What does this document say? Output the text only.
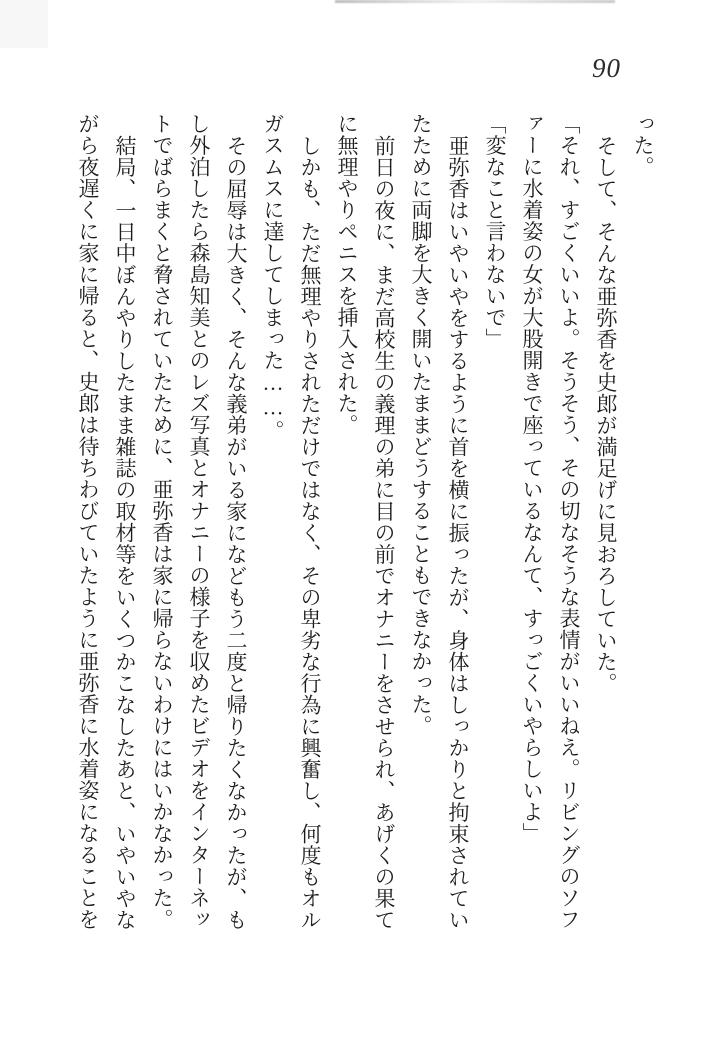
90
った。
そして、そんな亜弥香を史郎が満足げに見おろしていた。
「それ、すごくいいよ。そうそう、その切なそうな表情がいいねえ。リビングのソフ
ァーに水着姿の女が大股開きで座っているなんて、すっごくいやらしいよ」
「変なこと言わないで」
亜弥香はいやいやをするように首を横に振ったが、身体はしっかりと拘束されてい
たために両脚を大きく開いたままどうすることもできなかった。
前日の夜に、まだ高校生の義理の弟に目の前でオナニーをさせられ、あげくの果て
に無理やりペニスを挿入された。
しかも、ただ無理やりされただけではなく、その卑劣な行為に興奮し、何度もオル
ガスムスに達してしまった……。
その屈辱は大きく、そんな義弟がいる家になどもう二度と帰りたくなかったが、も
し外泊したら森島知美とのレズ写真とオナニーの様子を収めたビデオをインターネッ
トでばらまくと脅されていたために、亜弥香は家に帰らないわけにはいかなかった。
結局、一日中ぼんやりしたまま雑誌の取材等をいくつかこなしたあと、いやいやな
がら夜遅くに家に帰ると、史郎は待ちわびていたように亜弥香に水着姿になることを
